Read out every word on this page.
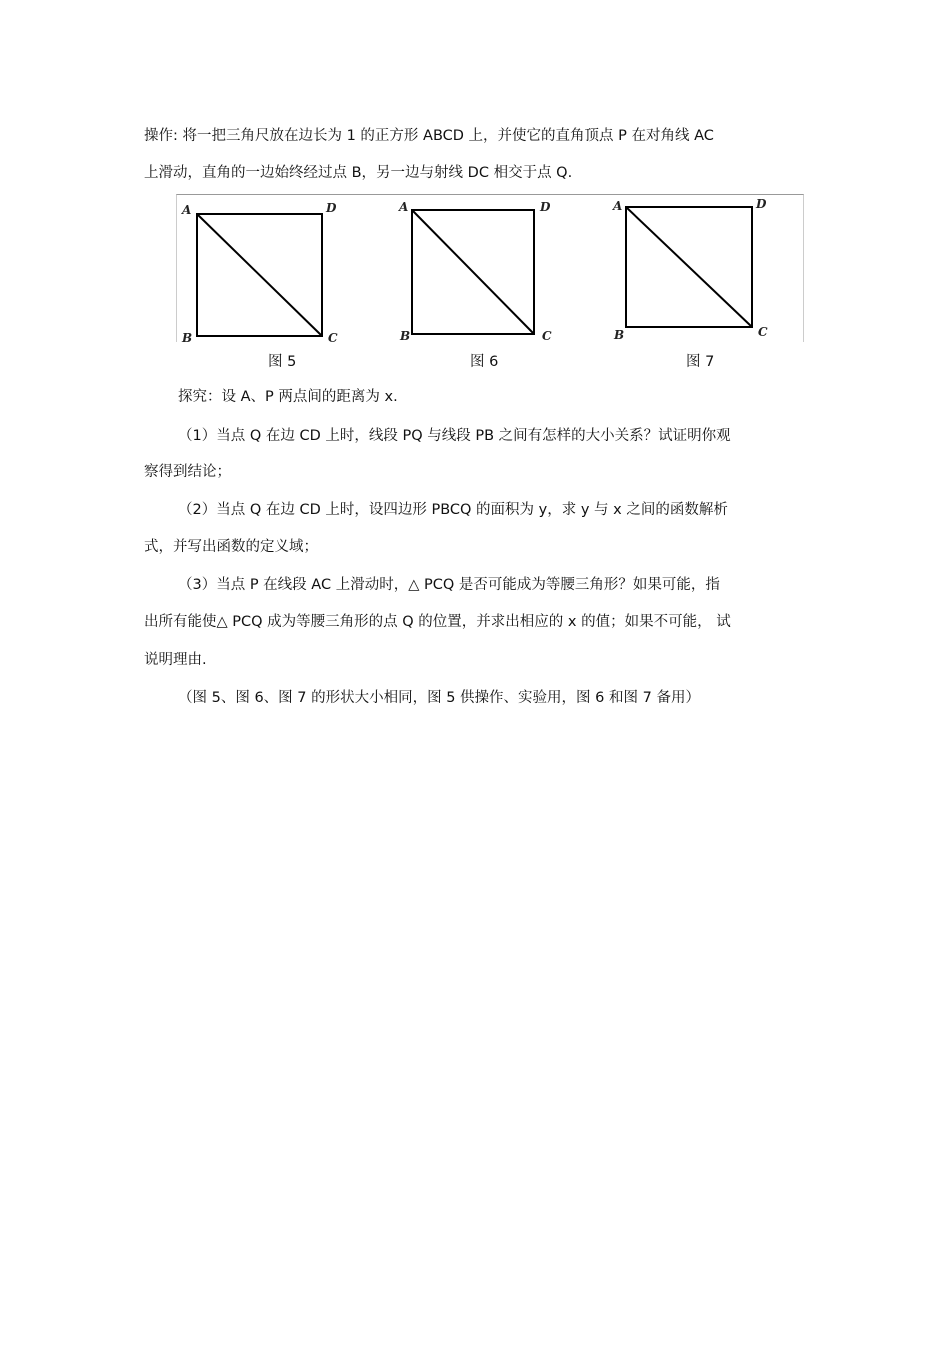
操作: 将一把三角尺放在边长为 1 的正方形 ABCD 上，并使它的直角顶点 P 在对角线 AC
上滑动，直角的一边始终经过点 B，另一边与射线 DC 相交于点 Q.
A	D
B	C
A	D
B	C
A	D
B	C
图 5	图 6	图 7
探究：设 A、P 两点间的距离为 x.
（1）当点 Q 在边 CD 上时，线段 PQ 与线段 PB 之间有怎样的大小关系？试证明你观
察得到结论；
（2）当点 Q 在边 CD 上时，设四边形 PBCQ 的面积为 y，求 y 与 x 之间的函数解析
式，并写出函数的定义域；
（3）当点 P 在线段 AC 上滑动时，△ PCQ 是否可能成为等腰三角形？如果可能，指
出所有能使△ PCQ 成为等腰三角形的点 Q 的位置，并求出相应的 x 的值；如果不可能， 试
说明理由.
（图 5、图 6、图 7 的形状大小相同，图 5 供操作、实验用，图 6 和图 7 备用）
